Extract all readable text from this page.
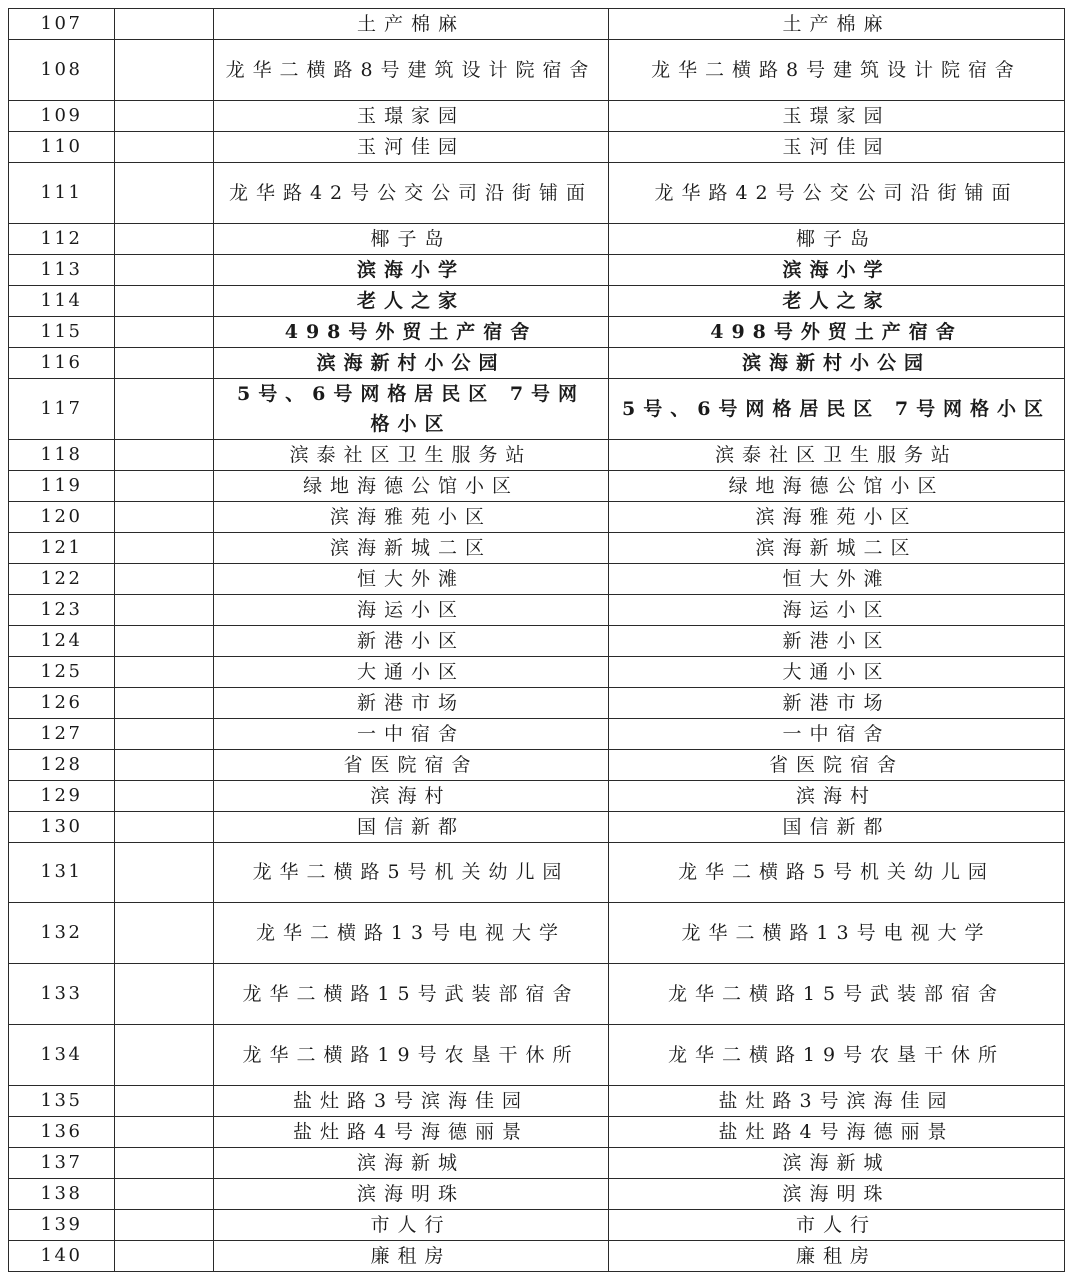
107		土产棉麻	土产棉麻
108		龙华二横路8号建筑设计院宿舍	龙华二横路8号建筑设计院宿舍
109		玉璟家园	玉璟家园
110		玉河佳园	玉河佳园
111		龙华路42号公交公司沿街铺面	龙华路42号公交公司沿街铺面
112		椰子岛	椰子岛
113		滨海小学	滨海小学
114		老人之家	老人之家
115		498号外贸土产宿舍	498号外贸土产宿舍
116		滨海新村小公园	滨海新村小公园
117		5号、6号网格居民区 7号网格小区	5号、6号网格居民区 7号网格小区
118		滨泰社区卫生服务站	滨泰社区卫生服务站
119		绿地海德公馆小区	绿地海德公馆小区
120		滨海雅苑小区	滨海雅苑小区
121		滨海新城二区	滨海新城二区
122		恒大外滩	恒大外滩
123		海运小区	海运小区
124		新港小区	新港小区
125		大通小区	大通小区
126		新港市场	新港市场
127		一中宿舍	一中宿舍
128		省医院宿舍	省医院宿舍
129		滨海村	滨海村
130		国信新都	国信新都
131		龙华二横路5号机关幼儿园	龙华二横路5号机关幼儿园
132		龙华二横路13号电视大学	龙华二横路13号电视大学
133		龙华二横路15号武装部宿舍	龙华二横路15号武装部宿舍
134		龙华二横路19号农垦干休所	龙华二横路19号农垦干休所
135		盐灶路3号滨海佳园	盐灶路3号滨海佳园
136		盐灶路4号海德丽景	盐灶路4号海德丽景
137		滨海新城	滨海新城
138		滨海明珠	滨海明珠
139		市人行	市人行
140		廉租房	廉租房
